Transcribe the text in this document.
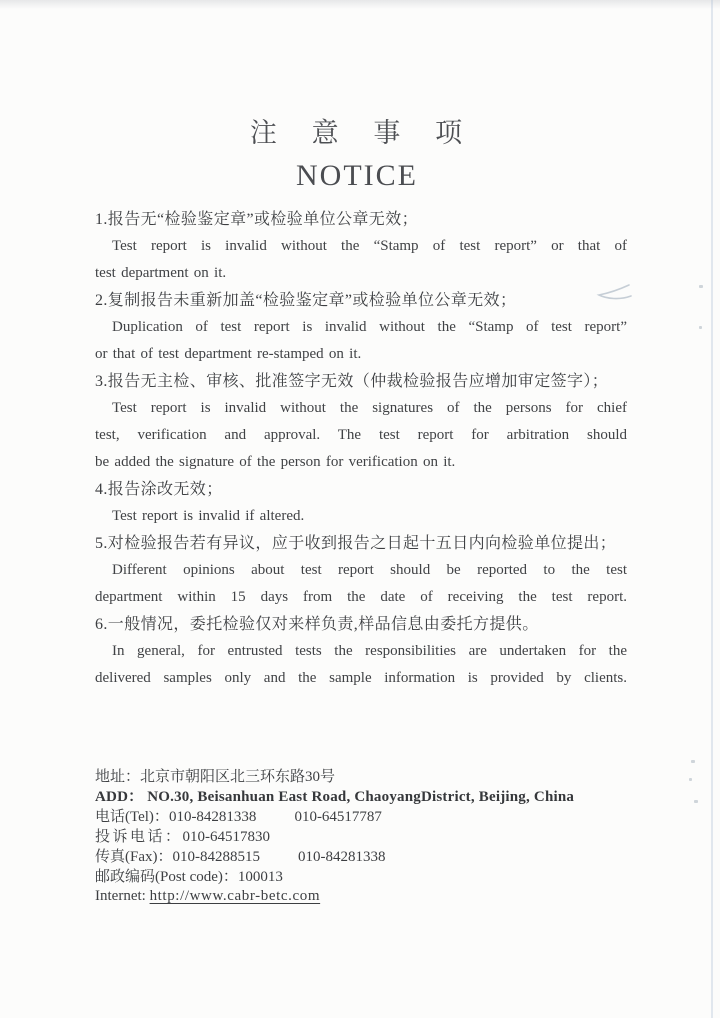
注 意 事 项
NOTICE
1.报告无“检验鉴定章”或检验单位公章无效；
Test report is invalid without the “Stamp of test report” or that of
test department on it.
2.复制报告未重新加盖“检验鉴定章”或检验单位公章无效；
Duplication of test report is invalid without the “Stamp of test report”
or that of test department re-stamped on it.
3.报告无主检、审核、批准签字无效（仲裁检验报告应增加审定签字）；
Test report is invalid without the signatures of the persons for chief
test, verification and approval. The test report for arbitration should
be added the signature of the person for verification on it.
4.报告涂改无效；
Test report is invalid if altered.
5.对检验报告若有异议，应于收到报告之日起十五日内向检验单位提出；
Different opinions about test report should be reported to the test
department within 15 days from the date of receiving the test report.
6.一般情况，委托检验仅对来样负责,样品信息由委托方提供。
In general, for entrusted tests the responsibilities are undertaken for the
delivered samples only and the sample information is provided by clients.
地址：北京市朝阳区北三环东路30号
ADD： NO.30, Beisanhuan East Road, ChaoyangDistrict, Beijing, China
电话(Tel)：010-84281338	010-64517787
投诉电话：010-64517830
传真(Fax)：010-84288515	010-84281338
邮政编码(Post code)：100013
Internet: http://www.cabr-betc.com
